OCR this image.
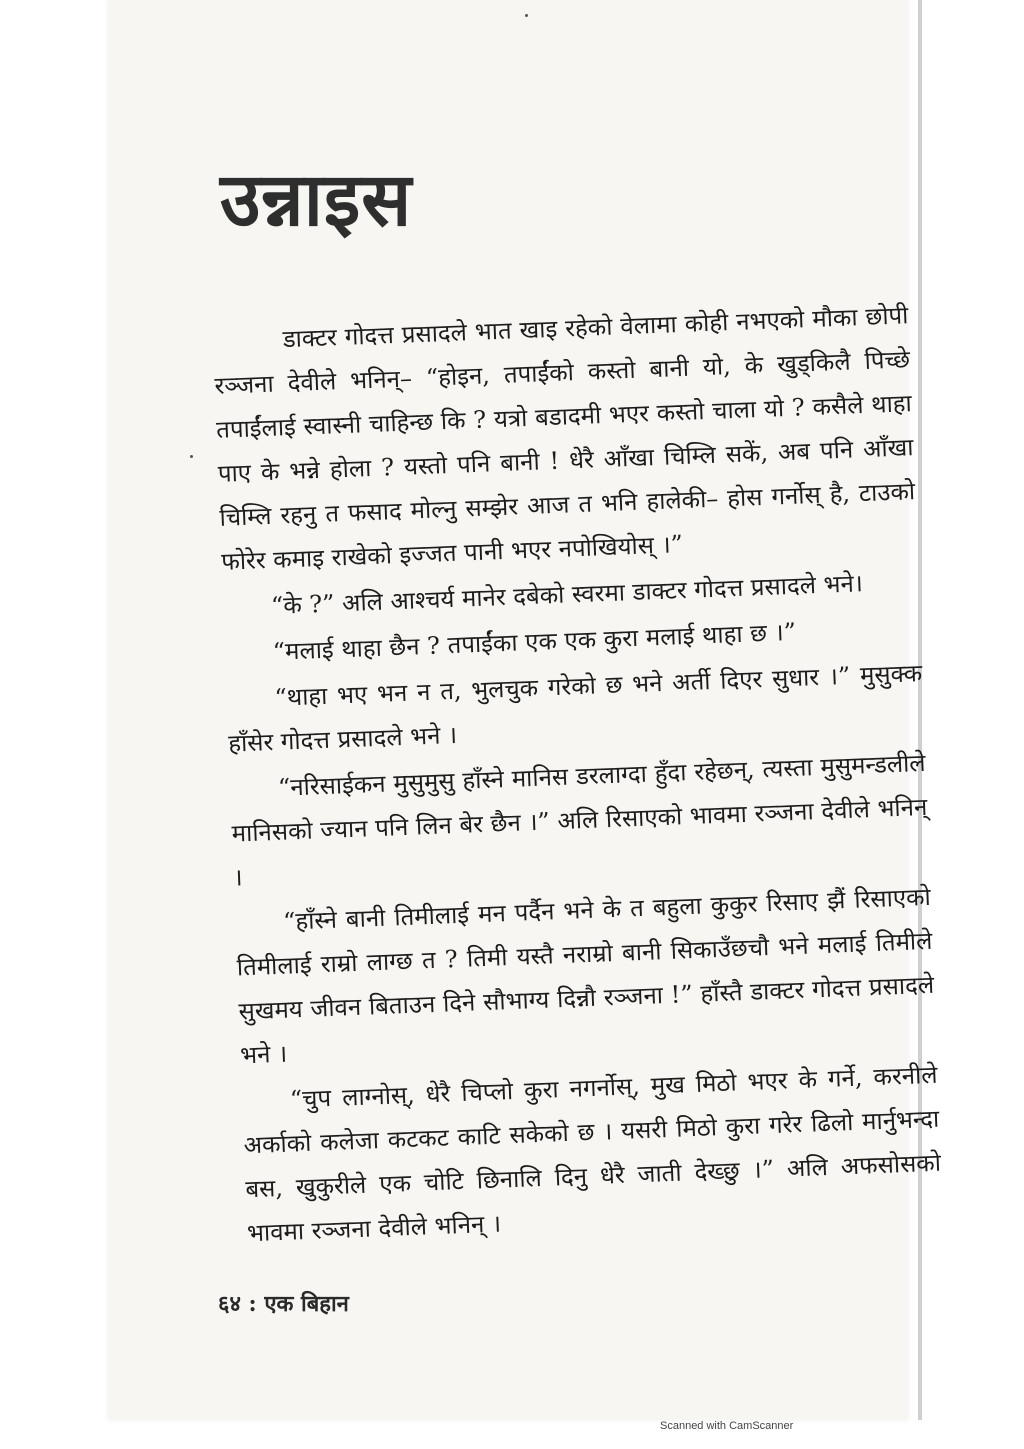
उन्नाइस

डाक्टर गोदत्त प्रसादले भात खाइ रहेको वेलामा कोही नभएको मौका छोपी रञ्जना देवीले भनिन्– “होइन, तपाईंको कस्तो बानी यो, के खुड्‌किलै पिच्छे तपाईंलाई स्वास्नी चाहिन्छ कि ? यत्रो बडादमी भएर कस्तो चाला यो ? कसैले थाहा पाए के भन्ने होला ? यस्तो पनि बानी ! धेरै आँखा चिम्लि सकें, अब पनि आँखा चिम्लि रहनु त फसाद मोल्नु सम्झेर आज त भनि हालेकी– होस गर्नोस् है, टाउको फोरेर कमाइ राखेको इज्जत पानी भएर नपोखियोस् ।”

“के ?” अलि आश्चर्य मानेर दबेको स्वरमा डाक्टर गोदत्त प्रसादले भने।

“मलाई थाहा छैन ? तपाईंका एक एक कुरा मलाई थाहा छ ।”

“थाहा भए भन न त, भुलचुक गरेको छ भने अर्ती दिएर सुधार ।” मुसुक्क हाँसेर गोदत्त प्रसादले भने ।

“नरिसाईकन मुसुमुसु हाँस्ने मानिस डरलाग्दा हुँदा रहेछन्, त्यस्ता मुसुमन्डलीले मानिसको ज्यान पनि लिन बेर छैन ।” अलि रिसाएको भावमा रञ्जना देवीले भनिन् ।

“हाँस्ने बानी तिमीलाई मन पर्दैन भने के त बहुला कुकुर रिसाए झैं रिसाएको तिमीलाई राम्रो लाग्छ त ? तिमी यस्तै नराम्रो बानी सिकाउँछचौ भने मलाई तिमीले सुखमय जीवन बिताउन दिने सौभाग्य दिन्नौ रञ्जना !” हाँस्तै डाक्टर गोदत्त प्रसादले भने ।

“चुप लाग्नोस्, धेरै चिप्लो कुरा नगर्नोस्, मुख मिठो भएर के गर्ने, करनीले अर्काको कलेजा कटकट काटि सकेको छ । यसरी मिठो कुरा गरेर ढिलो मार्नुभन्दा बस, खुकुरीले एक चोटि छिनालि दिनु धेरै जाती देख्छु ।” अलि अफसोसको भावमा रञ्जना देवीले भनिन् ।

६४ : एक बिहान
Scanned with CamScanner
